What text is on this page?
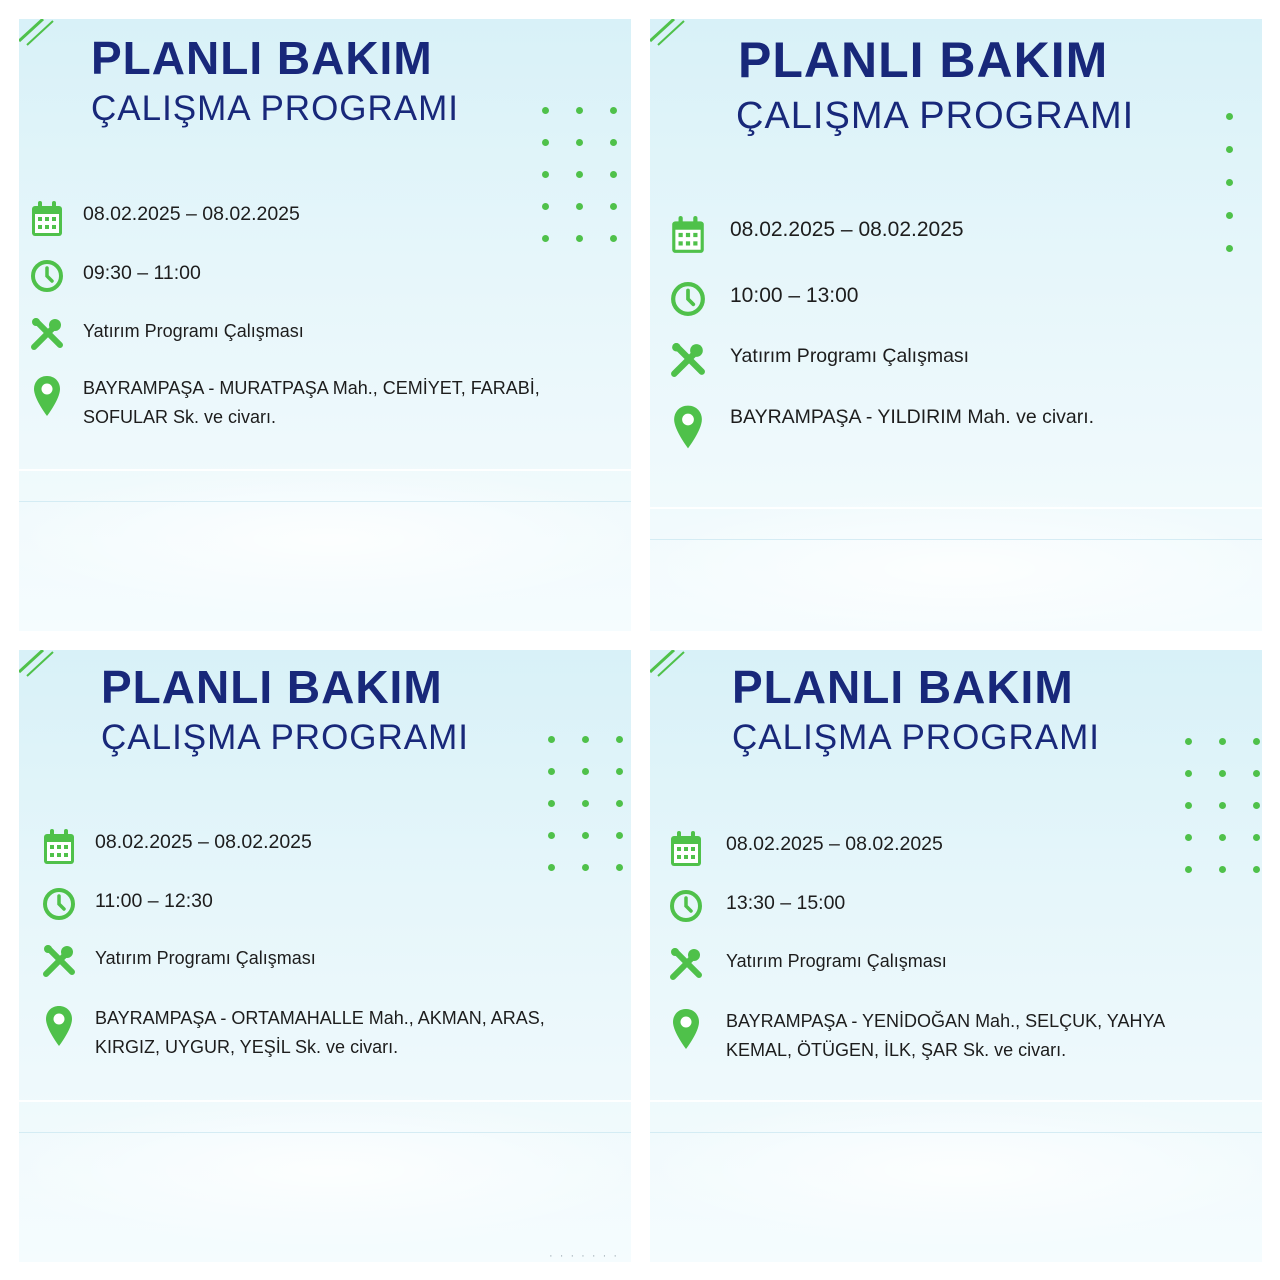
PLANLI BAKIM
ÇALIŞMA PROGRAMI
08.02.2025 – 08.02.2025
09:30 – 11:00
Yatırım Programı Çalışması
BAYRAMPAŞA - MURATPAŞA Mah., CEMİYET, FARABİ,
SOFULAR Sk. ve civarı.
PLANLI BAKIM
ÇALIŞMA PROGRAMI
08.02.2025 – 08.02.2025
10:00 – 13:00
Yatırım Programı Çalışması
BAYRAMPAŞA - YILDIRIM Mah. ve civarı.
PLANLI BAKIM
ÇALIŞMA PROGRAMI
08.02.2025 – 08.02.2025
11:00 – 12:30
Yatırım Programı Çalışması
BAYRAMPAŞA - ORTAMAHALLE Mah., AKMAN, ARAS,
KIRGIZ, UYGUR, YEŞİL Sk. ve civarı.
· · · · · · ·
PLANLI BAKIM
ÇALIŞMA PROGRAMI
08.02.2025 – 08.02.2025
13:30 – 15:00
Yatırım Programı Çalışması
BAYRAMPAŞA - YENİDOĞAN Mah., SELÇUK, YAHYA
KEMAL, ÖTÜGEN, İLK, ŞAR Sk. ve civarı.
